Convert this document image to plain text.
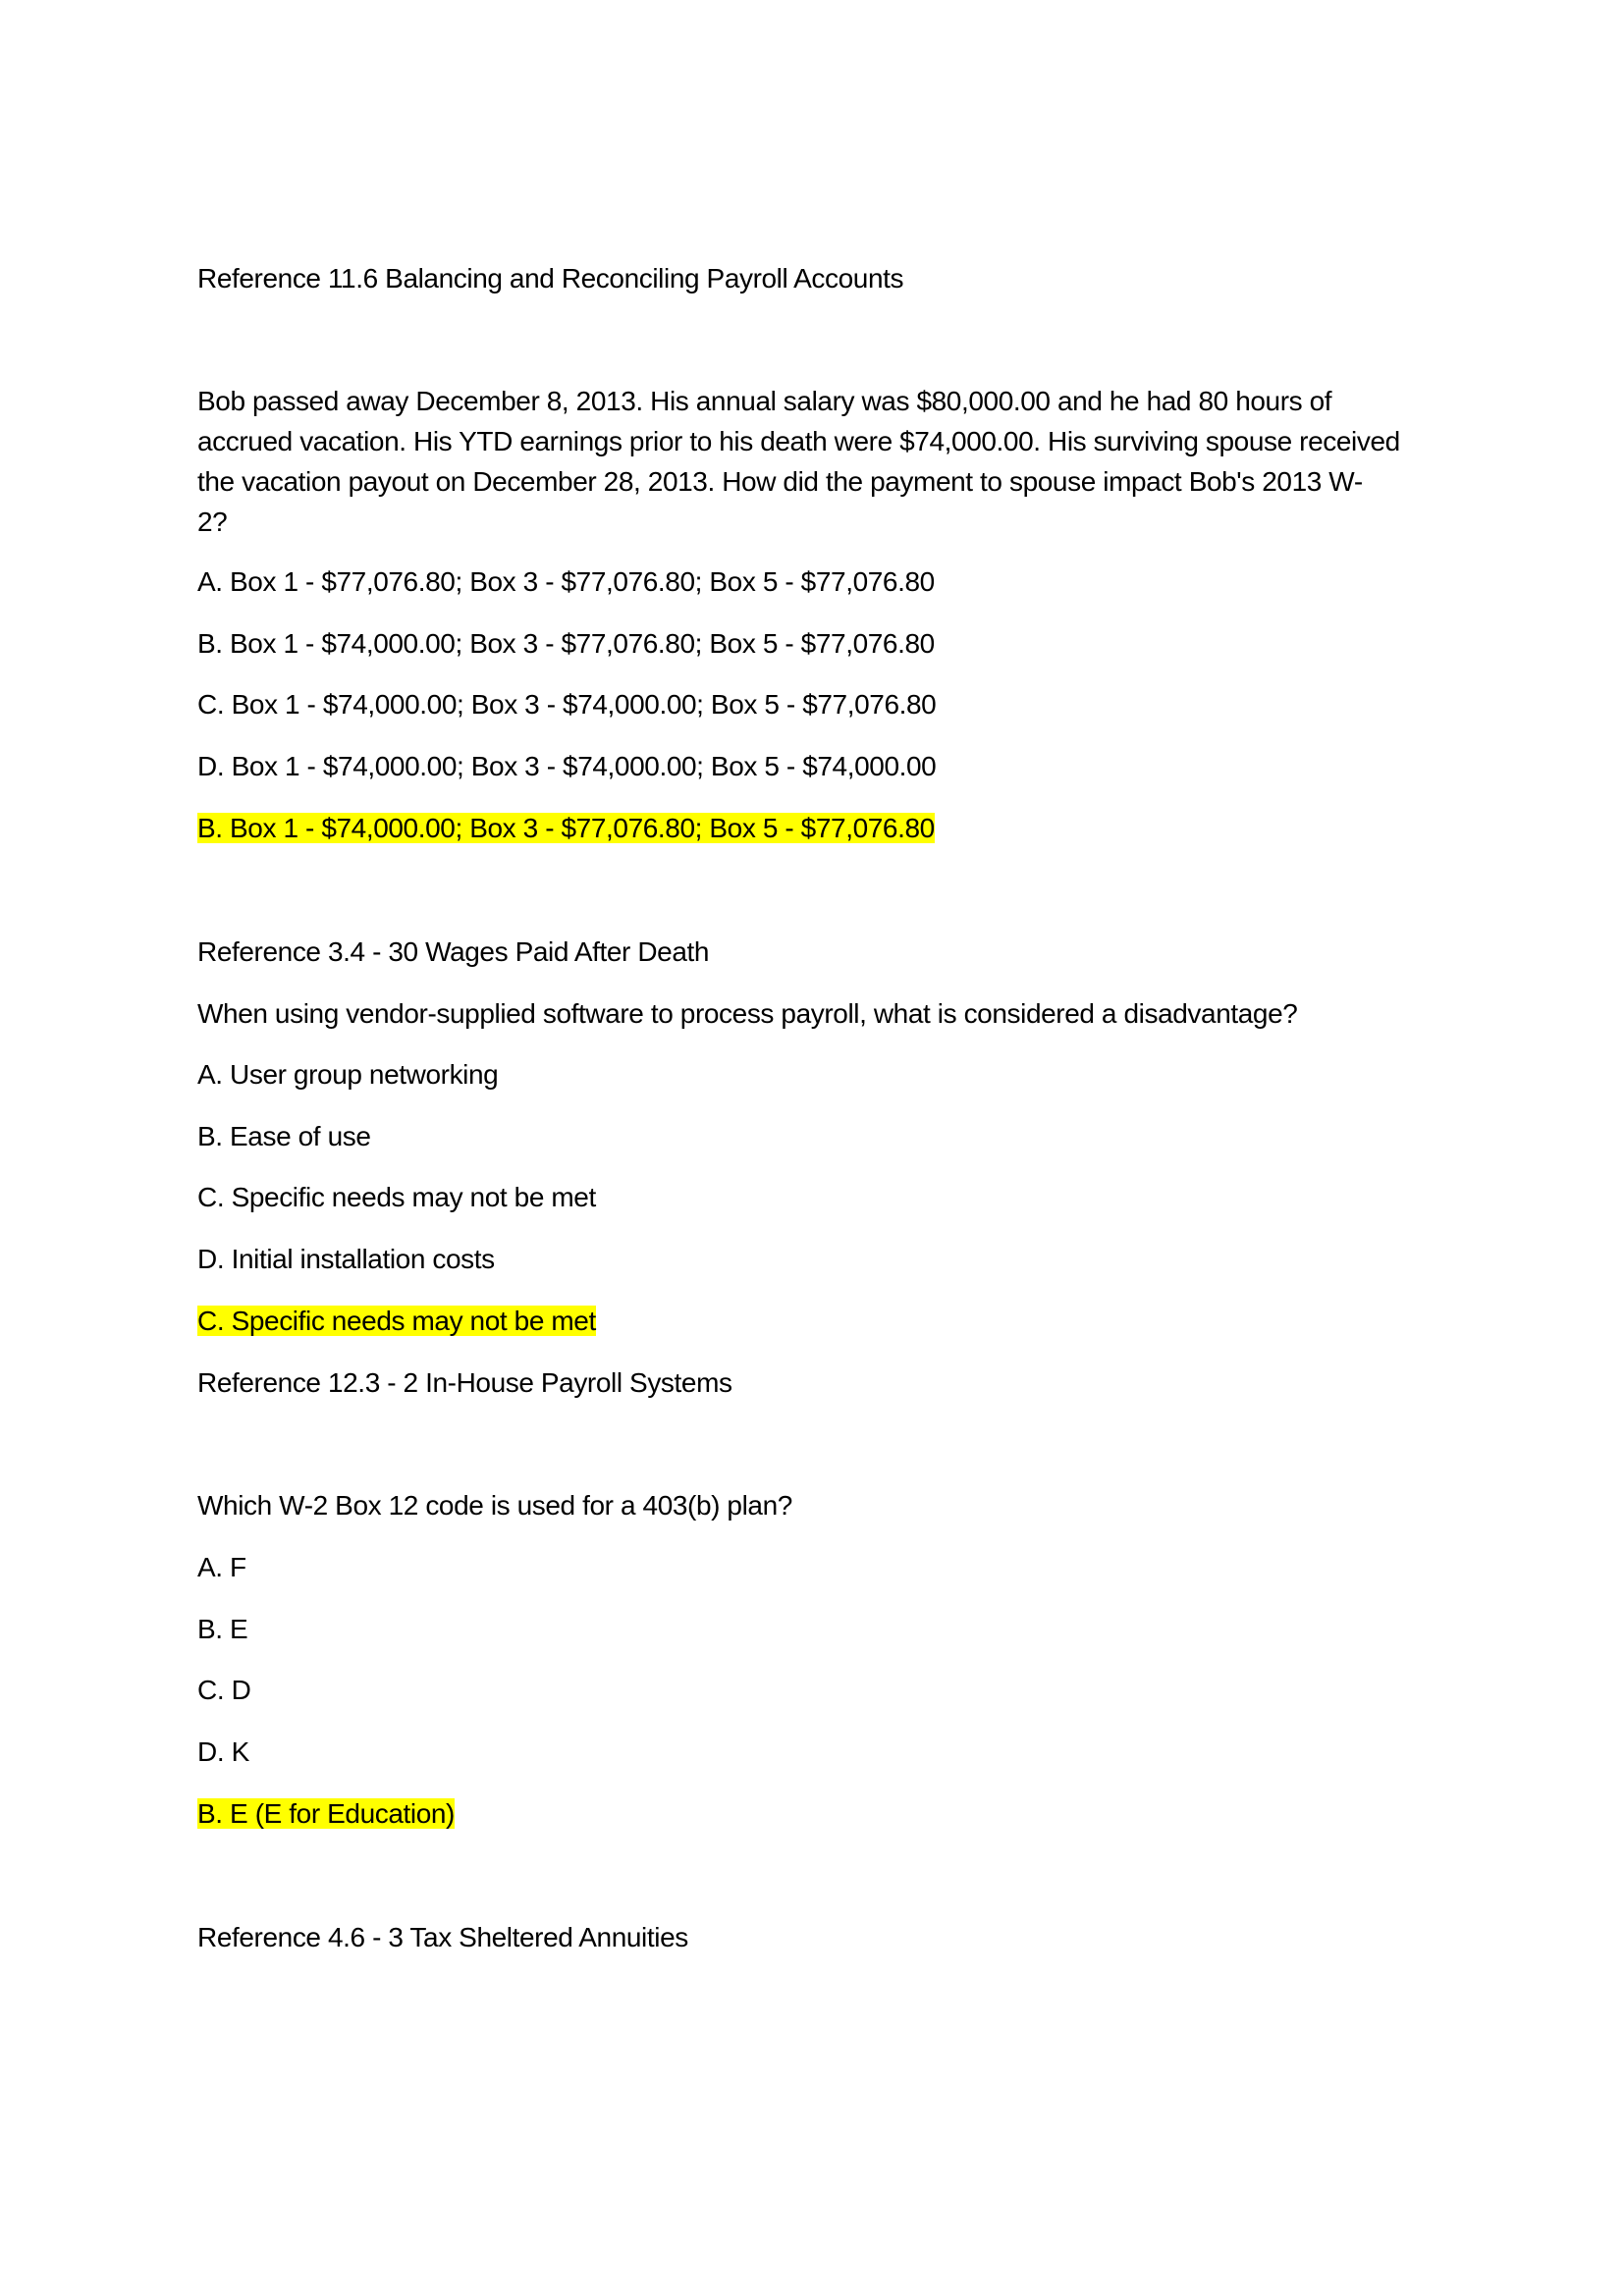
Reference 11.6 Balancing and Reconciling Payroll Accounts
Bob passed away December 8, 2013. His annual salary was $80,000.00 and he had 80 hours of
accrued vacation. His YTD earnings prior to his death were $74,000.00. His surviving spouse received
the vacation payout on December 28, 2013. How did the payment to spouse impact Bob's 2013 W-
2?
A. Box 1 - $77,076.80; Box 3 - $77,076.80; Box 5 - $77,076.80
B. Box 1 - $74,000.00; Box 3 - $77,076.80; Box 5 - $77,076.80
C. Box 1 - $74,000.00; Box 3 - $74,000.00; Box 5 - $77,076.80
D. Box 1 - $74,000.00; Box 3 - $74,000.00; Box 5 - $74,000.00
B. Box 1 - $74,000.00; Box 3 - $77,076.80; Box 5 - $77,076.80
Reference 3.4 - 30 Wages Paid After Death
When using vendor-supplied software to process payroll, what is considered a disadvantage?
A. User group networking
B. Ease of use
C. Specific needs may not be met
D. Initial installation costs
C. Specific needs may not be met
Reference 12.3 - 2 In-House Payroll Systems
Which W-2 Box 12 code is used for a 403(b) plan?
A. F
B. E
C. D
D. K
B. E (E for Education)
Reference 4.6 - 3 Tax Sheltered Annuities
